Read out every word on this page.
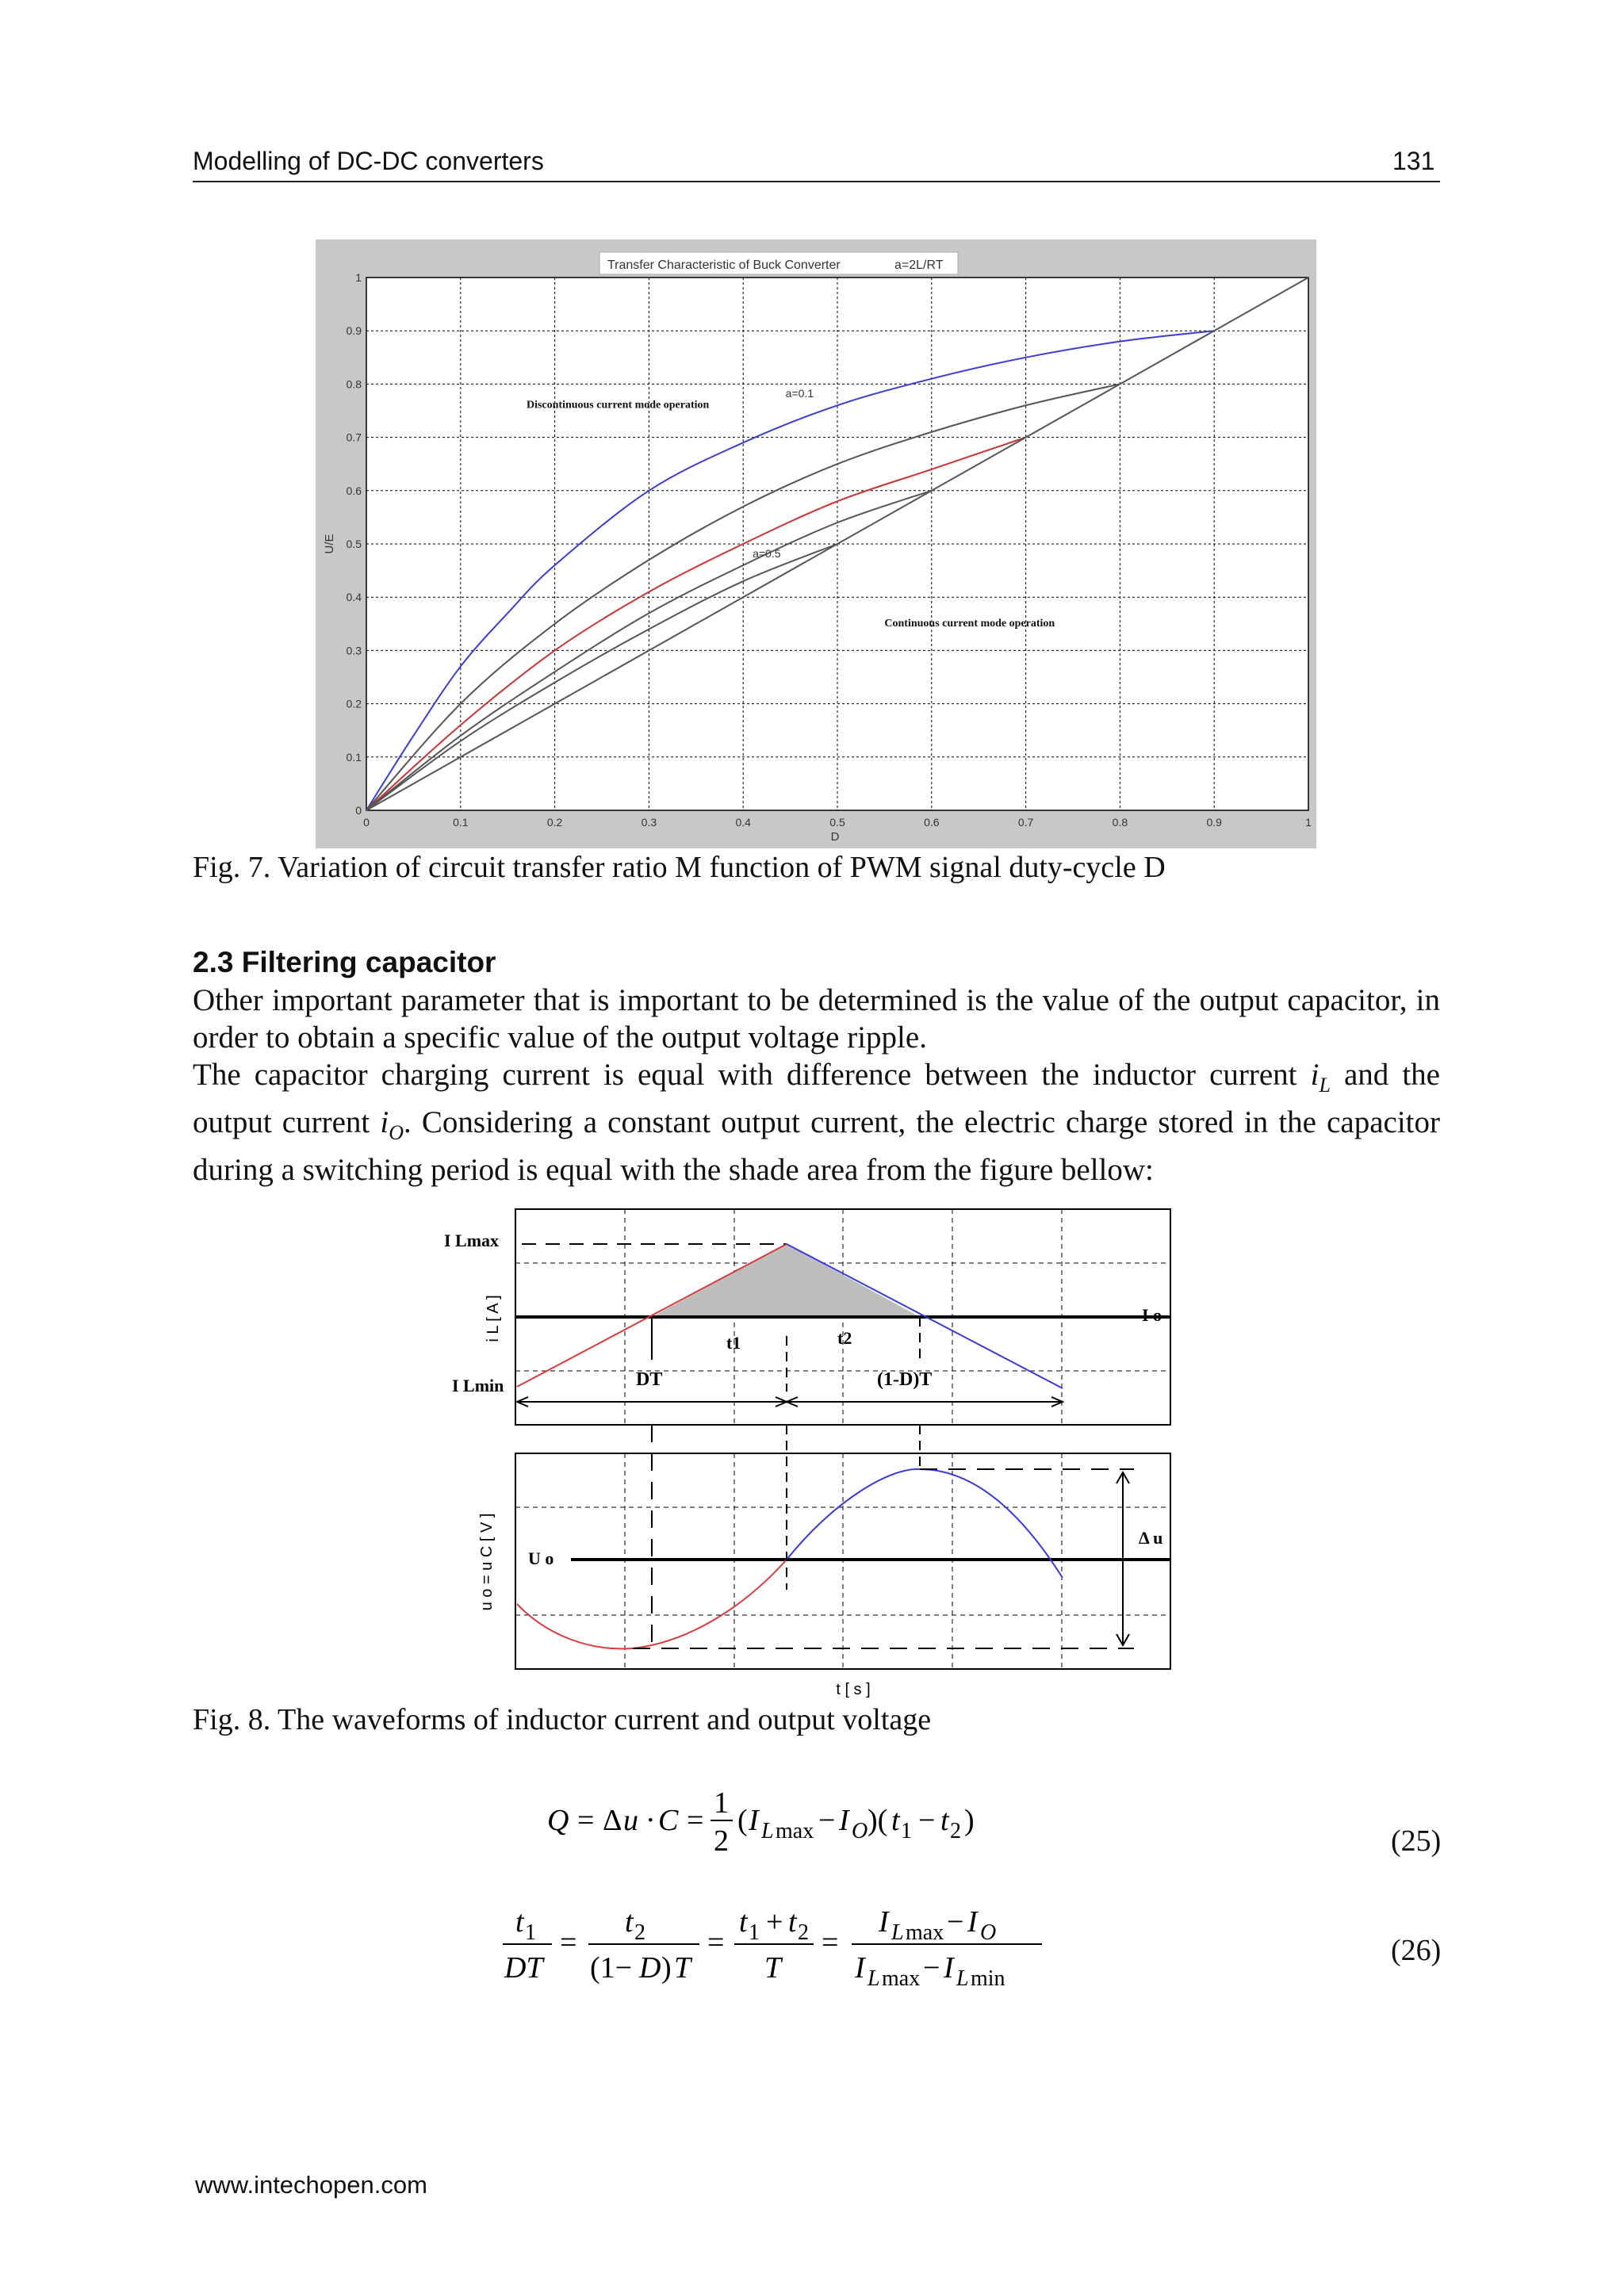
Modelling of DC-DC converters	131
0	0.1	0.2	0.3	0.4	0.5	0.6	0.7	0.8	0.9	1
0
0.1
0.2
0.3
0.4
0.5
0.6
0.7
0.8
0.9
1
Transfer Characteristic of Buck Converter	a=2L/RT
D
U/E
Discontinuous current mode operation
Continuous current mode operation
a=0.1
a=0.5
Fig. 7. Variation of circuit transfer ratio M function of PWM signal duty-cycle D
2.3 Filtering capacitor

Other important parameter that is important to be determined is the value of the output capacitor, in order to obtain a specific value of the output voltage ripple.

The capacitor charging current is equal with difference between the inductor current $i_L$ and the output current $i_O$. Considering a constant output current, the electric charge stored in the capacitor during a switching period is equal with the shade area from the figure bellow:

I Lmax
I Lmin
i L [ A ]	I o
t1	t2
DT	(1-D)T
Δ u
U o
u o = u C [ V ]
t [ s ]
Fig. 8. The waveforms of inductor current and output voltage
Q = Δ u · C =
1
2
( I L max − I O )( t 1 − t 2 )
(25)
t 1
DT
=
t 2
(1− D ) T
=
t 1 + t 2
T
=
I L max − I O
I L max − I L min
(26)
www.intechopen.com
